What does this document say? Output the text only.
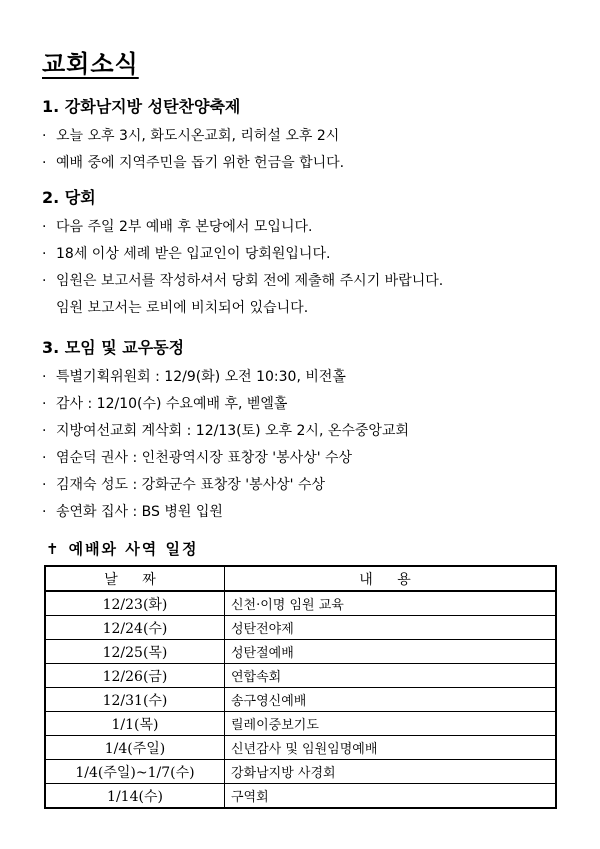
교회소식
1. 강화남지방 성탄찬양축제
· 오늘 오후 3시, 화도시온교회, 리허설 오후 2시
· 예배 중에 지역주민을 돕기 위한 헌금을 합니다.
2. 당회
· 다음 주일 2부 예배 후 본당에서 모입니다.
· 18세 이상 세례 받은 입교인이 당회원입니다.
· 임원은 보고서를 작성하셔서 당회 전에 제출해 주시기 바랍니다.
임원 보고서는 로비에 비치되어 있습니다.
3. 모임 및 교우동정
· 특별기획위원회 : 12/9(화) 오전 10:30, 비전홀
· 감사 : 12/10(수) 수요예배 후, 벧엘홀
· 지방여선교회 계삭회 : 12/13(토) 오후 2시, 온수중앙교회
· 염순덕 권사 : 인천광역시장 표창장 '봉사상' 수상
· 김재숙 성도 : 강화군수 표창장 '봉사상' 수상
· 송연화 집사 : BS 병원 입원
✝ 예배와 사역 일정
날 짜	내 용
12/23(화)	신천·이명 임원 교육
12/24(수)	성탄전야제
12/25(목)	성탄절예배
12/26(금)	연합속회
12/31(수)	송구영신예배
1/1(목)	릴레이중보기도
1/4(주일)	신년감사 및 임원임명예배
1/4(주일)~1/7(수)	강화남지방 사경회
1/14(수)	구역회
